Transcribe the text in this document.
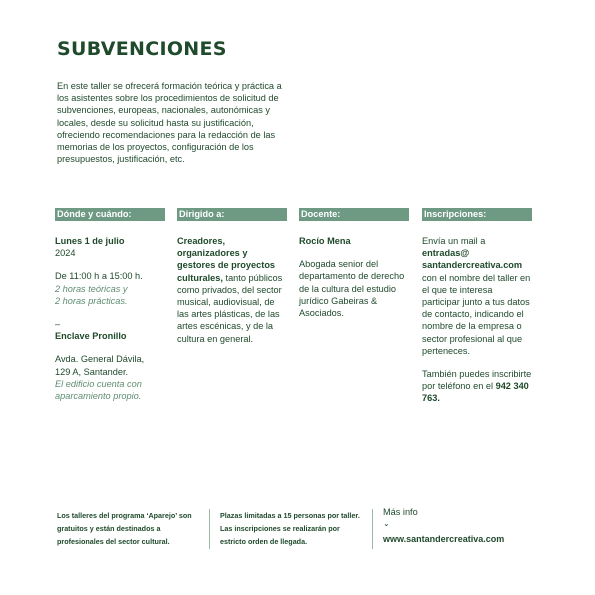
SUBVENCIONES
En este taller se ofrecerá formación teórica y práctica a los asistentes sobre los procedimientos de solicitud de subvenciones, europeas, nacionales, autonómicas y locales, desde su solicitud hasta su justificación, ofreciendo recomendaciones para la redacción de las memorias de los proyectos, configuración de los presupuestos, justificación, etc.
Dónde y cuándo:
Lunes 1 de julio
2024
De 11:00 h a 15:00 h.
2 horas teóricas y
2 horas prácticas.
–
Enclave Pronillo
Avda. General Dávila,
129 A, Santander.
El edificio cuenta con
aparcamiento propio.
Dirigido a:
Creadores, organizadores y gestores de proyectos culturales, tanto públicos como privados, del sector musical, audiovisual, de las artes plásticas, de las artes escénicas, y de la cultura en general.
Docente:
Rocío Mena
Abogada senior del departamento de derecho de la cultura del estudio jurídico Gabeiras & Asociados.
Inscripciones:
Envía un mail a
entradas@ santandercreativa.com
con el nombre del taller en el que te interesa participar junto a tus datos de contacto, indicando el nombre de la empresa o sector profesional al que perteneces.
También puedes inscribirte por teléfono en el 942 340 763.
Los talleres del programa ‘Aparejo’ son gratuitos y están destinados a profesionales del sector cultural.
Plazas limitadas a 15 personas por taller. Las inscripciones se realizarán por estricto orden de llegada.
Más info
⌄
www.santandercreativa.com
